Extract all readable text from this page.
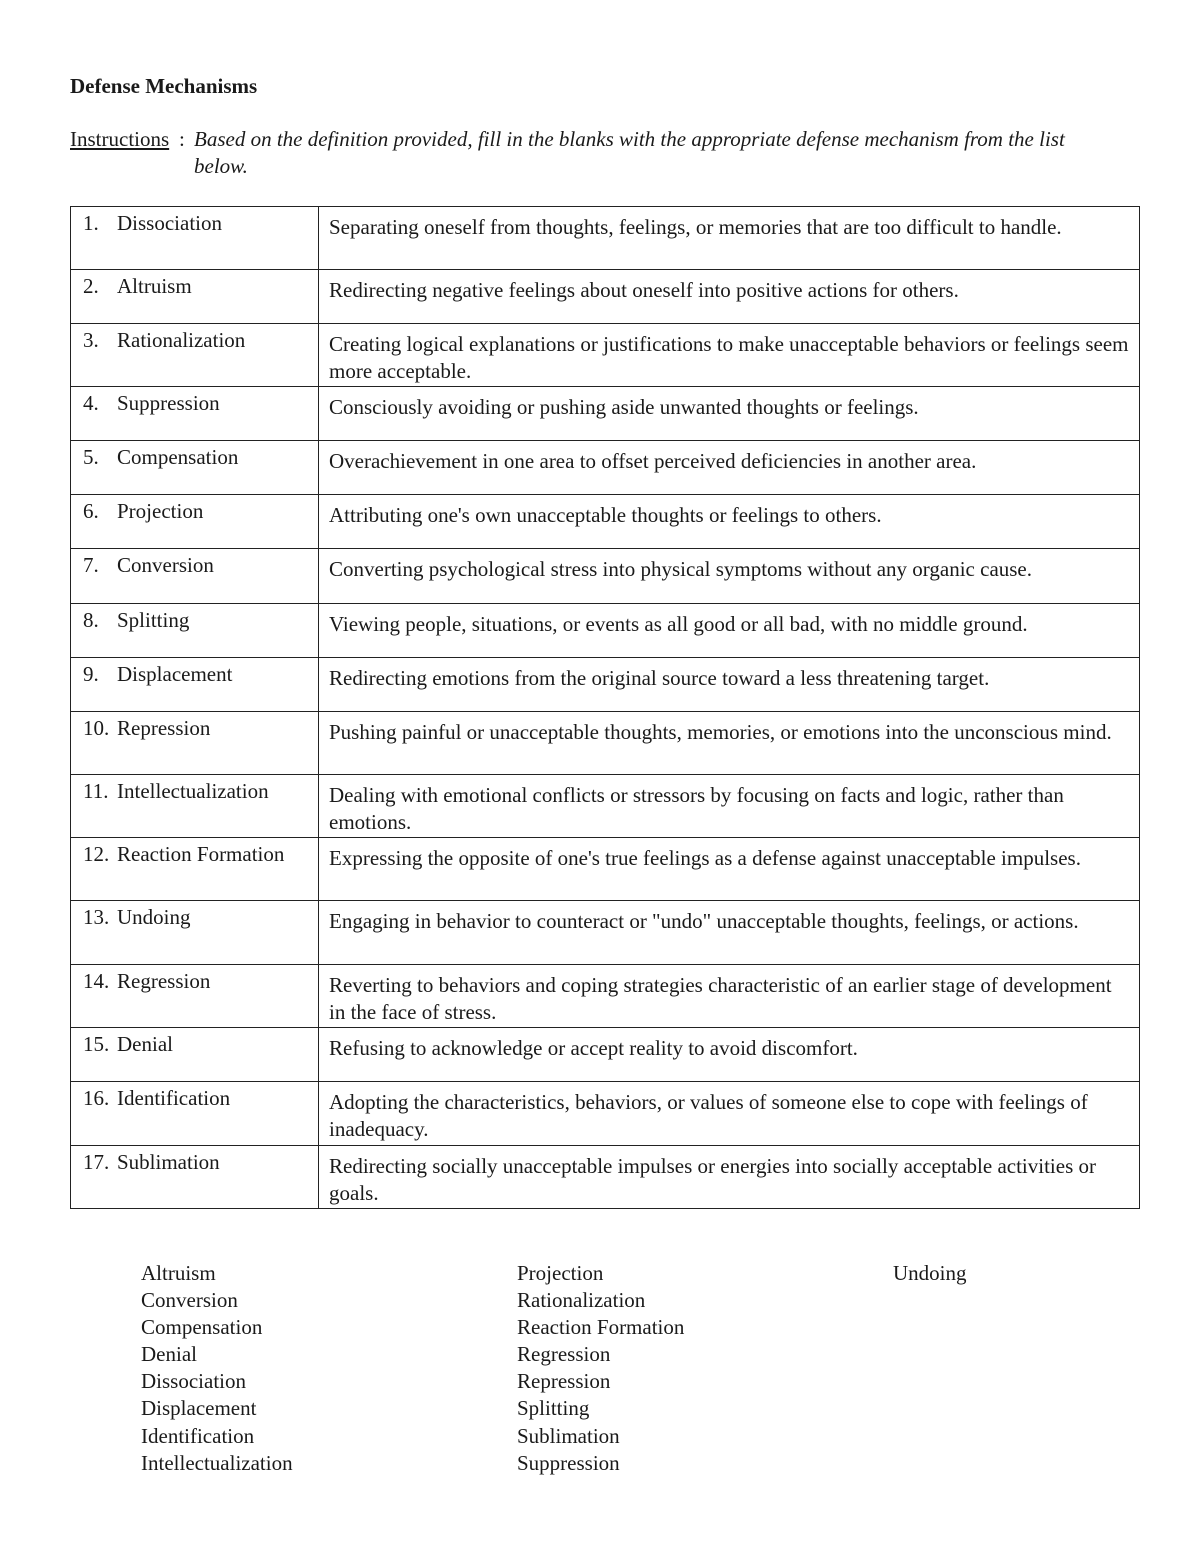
Defense Mechanisms
Instructions : Based on the definition provided, fill in the blanks with the appropriate defense mechanism from the list below.
1. Dissociation	Separating oneself from thoughts, feelings, or memories that are too difficult to handle.
2. Altruism	Redirecting negative feelings about oneself into positive actions for others.
3. Rationalization	Creating logical explanations or justifications to make unacceptable behaviors or feelings seem more acceptable.
4. Suppression	Consciously avoiding or pushing aside unwanted thoughts or feelings.
5. Compensation	Overachievement in one area to offset perceived deficiencies in another area.
6. Projection	Attributing one's own unacceptable thoughts or feelings to others.
7. Conversion	Converting psychological stress into physical symptoms without any organic cause.
8. Splitting	Viewing people, situations, or events as all good or all bad, with no middle ground.
9. Displacement	Redirecting emotions from the original source toward a less threatening target.
10. Repression	Pushing painful or unacceptable thoughts, memories, or emotions into the unconscious mind.
11. Intellectualization	Dealing with emotional conflicts or stressors by focusing on facts and logic, rather than emotions.
12. Reaction Formation	Expressing the opposite of one's true feelings as a defense against unacceptable impulses.
13. Undoing	Engaging in behavior to counteract or "undo" unacceptable thoughts, feelings, or actions.
14. Regression	Reverting to behaviors and coping strategies characteristic of an earlier stage of development in the face of stress.
15. Denial	Refusing to acknowledge or accept reality to avoid discomfort.
16. Identification	Adopting the characteristics, behaviors, or values of someone else to cope with feelings of inadequacy.
17. Sublimation	Redirecting socially unacceptable impulses or energies into socially acceptable activities or goals.
Altruism
Conversion
Compensation
Denial
Dissociation
Displacement
Identification
Intellectualization
Projection
Rationalization
Reaction Formation
Regression
Repression
Splitting
Sublimation
Suppression
Undoing
